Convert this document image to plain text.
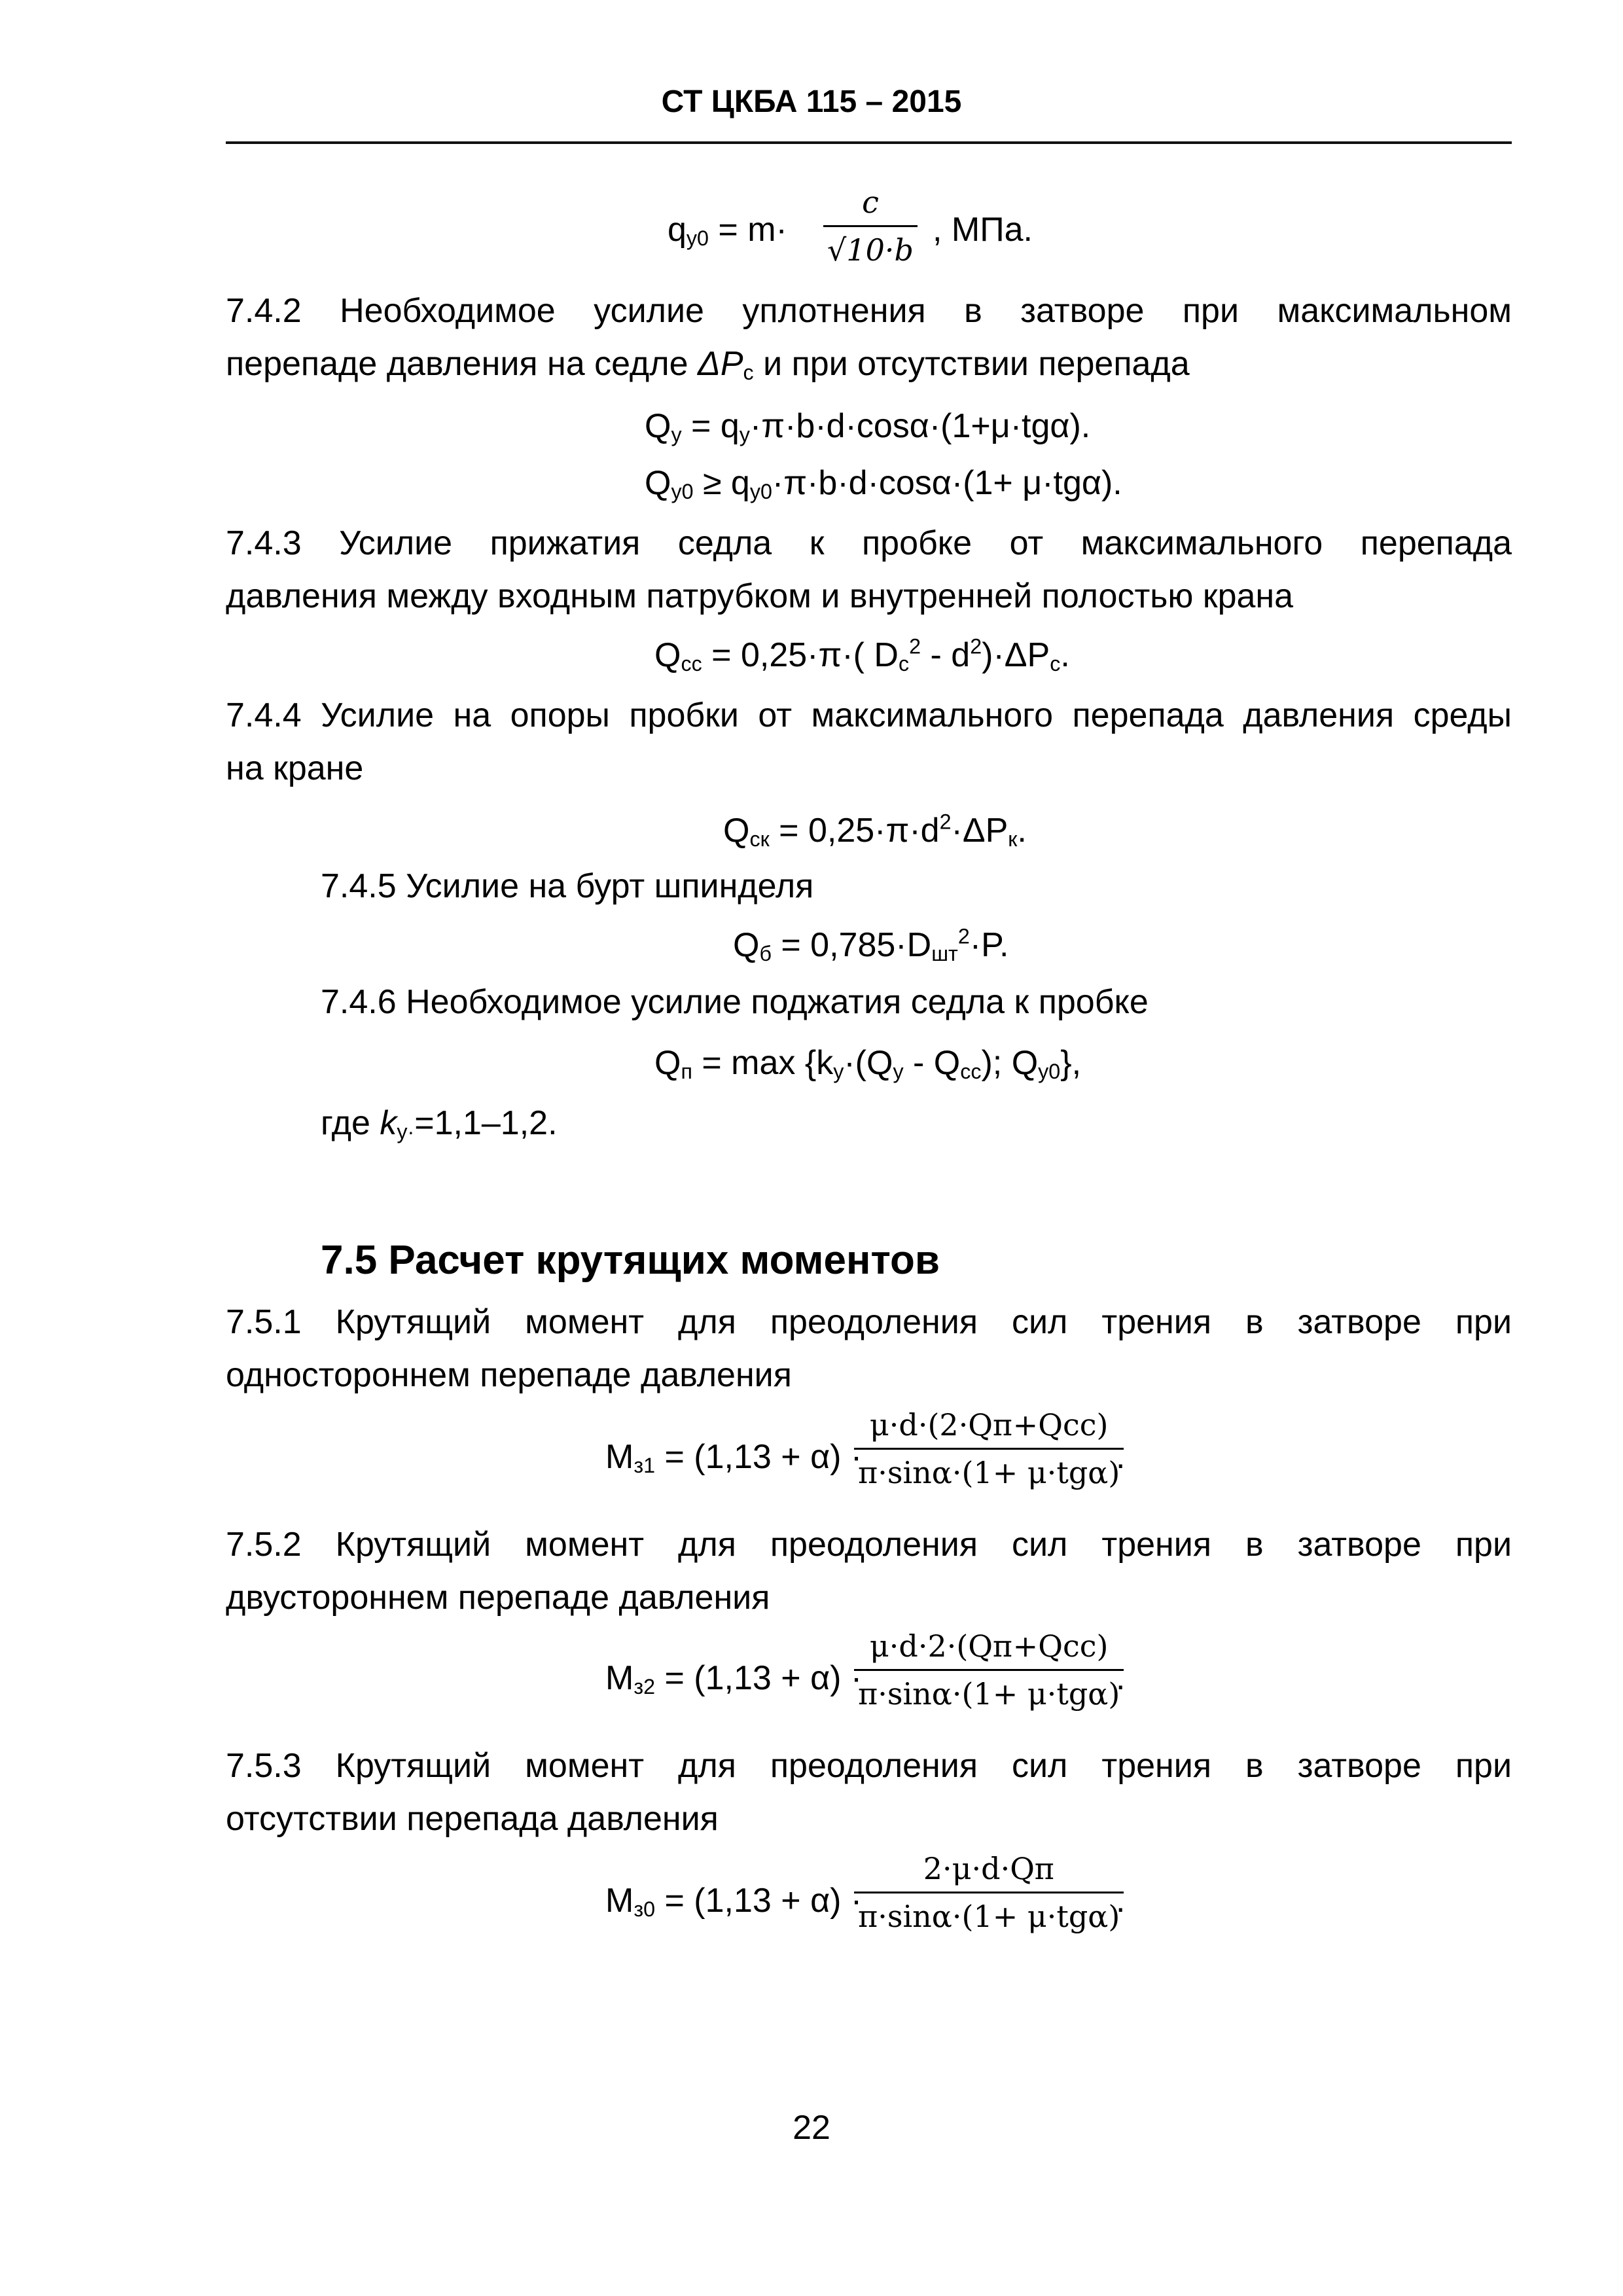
СТ ЦКБА 115 – 2015
$q_{y0} = m\cdot \frac{c}{√10\cdot b}$ , МПа.
7.4.2 Необходимое усилие уплотнения в затворе при максимальном
перепаде давления на седле $\Delta P_c$ и при отсутствии перепада
$Q_y = q_y\cdot\pi\cdot b\cdot d\cdot\cos\alpha\cdot(1+\mu\cdot tg\alpha)$.
$Q_{y0} \ge q_{y0}\cdot\pi\cdot b\cdot d\cdot\cos\alpha\cdot(1+ \mu\cdot tg\alpha)$.
7.4.3 Усилие прижатия седла к пробке от максимального перепада
давления между входным патрубком и внутренней полостью крана
$Q_{cc} = 0,25\cdot\pi\cdot$( $D_c^2 - d^2)\cdot\Delta P_c$.
7.4.4 Усилие на опоры пробки от максимального перепада давления среды
на кране
$Q_{ск} = 0,25\cdot\pi\cdot d^2\cdot\Delta P_к$.
7.4.5 Усилие на бурт шпинделя
$Q_б = 0,785\cdot D_{шт}^2\cdot P$.
7.4.6 Необходимое усилие поджатия седла к пробке
$Q_п = \max \{k_y\cdot(Q_y - Q_{cc})$; $Q_{y0}$},
где $k_{y\cdot}=1,1-1,2$.
7.5 Расчет крутящих моментов
7.5.1 Крутящий момент для преодоления сил трения в затворе при
одностороннем перепаде давления
$М_{з1} = (1,13 + \alpha)$ ·
μ·d·(2·Qп+Qcc)
π·sinα·(1+ μ·tgα)
.
7.5.2 Крутящий момент для преодоления сил трения в затворе при
двустороннем перепаде давления
$М_{з2} = (1,13 + \alpha)$ ·
μ·d·2·(Qп+Qcc)
π·sinα·(1+ μ·tgα)
.
7.5.3 Крутящий момент для преодоления сил трения в затворе при
отсутствии перепада давления
$М_{з0} = (1,13 + \alpha)$ ·
2·μ·d·Qп
π·sinα·(1+ μ·tgα)
.
22
